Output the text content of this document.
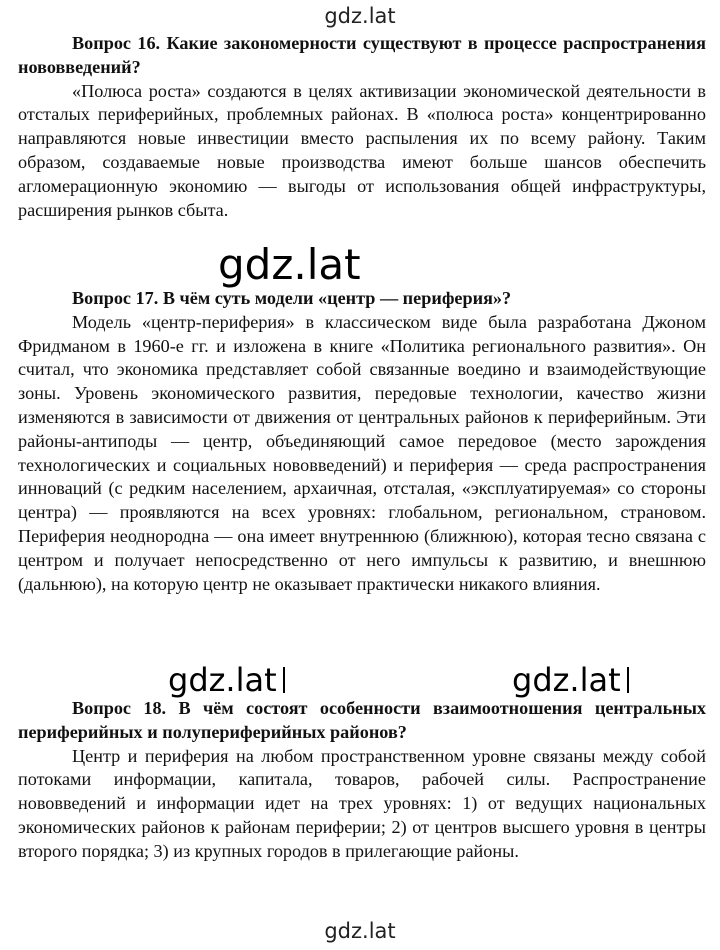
gdz.lat

Вопрос 16. Какие закономерности существуют в процессе распространения нововведений?

«Полюса роста» создаются в целях активизации экономической деятельности в отсталых периферийных, проблемных районах. В «полюса роста» концентрированно направляются новые инвестиции вместо распыления их по всему району. Таким образом, создаваемые новые производства имеют больше шансов обеспечить агломерационную экономию — выгоды от использования общей инфраструктуры, расширения рынков сбыта.

Вопрос 17. В чём суть модели «центр — периферия»?

Модель «центр-периферия» в классическом виде была разработана Джоном Фридманом в 1960-е гг. и изложена в книге «Политика регионального развития». Он считал, что экономика представляет собой связанные воедино и взаимодействующие зоны. Уровень экономического развития, передовые технологии, качество жизни изменяются в зависимости от движения от центральных районов к периферийным. Эти районы-антиподы — центр, объединяющий самое передовое (место зарождения технологических и социальных нововведений) и периферия — среда распространения инноваций (с редким населением, архаичная, отсталая, «эксплуатируемая» со стороны центра) — проявляются на всех уровнях: глобальном, региональном, страновом. Периферия неоднородна — она имеет внутреннюю (ближнюю), которая тесно связана с центром и получает непосредственно от него импульсы к развитию, и внешнюю (дальнюю), на которую центр не оказывает практически никакого влияния.

Вопрос 18. В чём состоят особенности взаимоотношения центральных периферийных и полупериферийных районов?

Центр и периферия на любом пространственном уровне связаны между собой потоками информации, капитала, товаров, рабочей силы. Распространение нововведений и информации идет на трех уровнях: 1) от ведущих национальных экономических районов к районам периферии; 2) от центров высшего уровня в центры второго порядка; 3) из крупных городов в прилегающие районы.

gdz.lat
gdz.lat	gdz.lat
gdz.lat
